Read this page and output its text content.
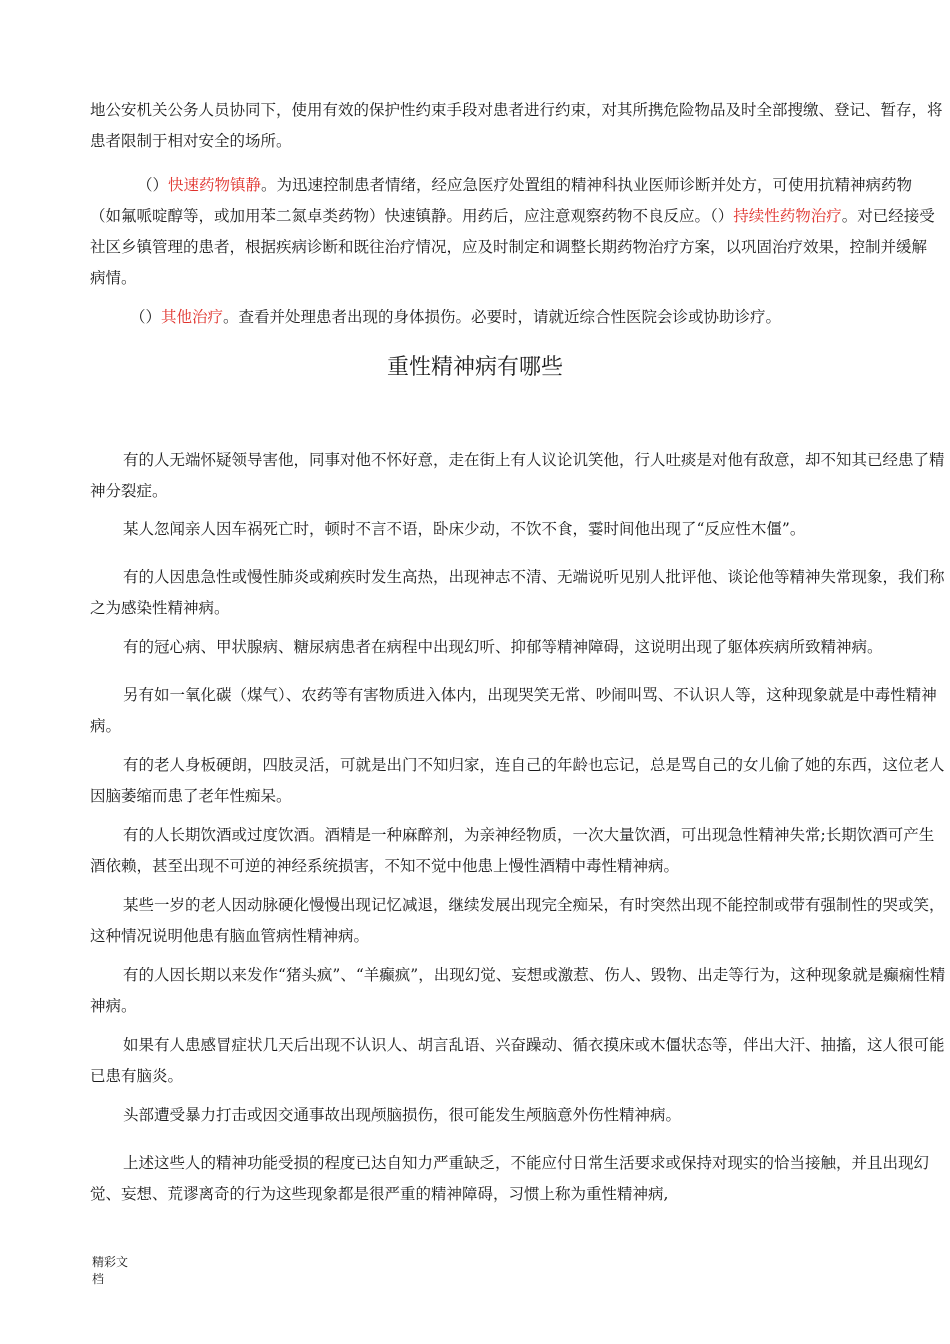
地公安机关公务人员协同下，使用有效的保护性约束手段对患者进行约束，对其所携危险物品及时全部搜缴、登记、暂存，将患者限制于相对安全的场所。

（）快速药物镇静。为迅速控制患者情绪，经应急医疗处置组的精神科执业医师诊断并处方，可使用抗精神病药物（如氟哌啶醇等，或加用苯二氮卓类药物）快速镇静。用药后，应注意观察药物不良反应。（）持续性药物治疗。对已经接受社区乡镇管理的患者，根据疾病诊断和既往治疗情况，应及时制定和调整长期药物治疗方案，以巩固治疗效果，控制并缓解病情。

（）其他治疗。查看并处理患者出现的身体损伤。必要时，请就近综合性医院会诊或协助诊疗。

重性精神病有哪些

有的人无端怀疑领导害他，同事对他不怀好意，走在街上有人议论讥笑他，行人吐痰是对他有敌意，却不知其已经患了精神分裂症。

某人忽闻亲人因车祸死亡时，顿时不言不语，卧床少动，不饮不食，霎时间他出现了“反应性木僵”。

有的人因患急性或慢性肺炎或痢疾时发生高热，出现神志不清、无端说听见别人批评他、谈论他等精神失常现象，我们称之为感染性精神病。

有的冠心病、甲状腺病、糖尿病患者在病程中出现幻听、抑郁等精神障碍，这说明出现了躯体疾病所致精神病。

另有如一氧化碳（煤气）、农药等有害物质进入体内，出现哭笑无常、吵闹叫骂、不认识人等，这种现象就是中毒性精神病。

有的老人身板硬朗，四肢灵活，可就是出门不知归家，连自己的年龄也忘记，总是骂自己的女儿偷了她的东西，这位老人因脑萎缩而患了老年性痴呆。

有的人长期饮酒或过度饮酒。酒精是一种麻醉剂，为亲神经物质，一次大量饮酒，可出现急性精神失常;长期饮酒可产生酒依赖，甚至出现不可逆的神经系统损害，不知不觉中他患上慢性酒精中毒性精神病。

某些一岁的老人因动脉硬化慢慢出现记忆减退，继续发展出现完全痴呆，有时突然出现不能控制或带有强制性的哭或笑，这种情况说明他患有脑血管病性精神病。

有的人因长期以来发作“猪头疯”、“羊癫疯”，出现幻觉、妄想或激惹、伤人、毁物、出走等行为，这种现象就是癫痫性精神病。

如果有人患感冒症状几天后出现不认识人、胡言乱语、兴奋躁动、循衣摸床或木僵状态等，伴出大汗、抽搐，这人很可能已患有脑炎。

头部遭受暴力打击或因交通事故出现颅脑损伤，很可能发生颅脑意外伤性精神病。

上述这些人的精神功能受损的程度已达自知力严重缺乏，不能应付日常生活要求或保持对现实的恰当接触，并且出现幻觉、妄想、荒谬离奇的行为这些现象都是很严重的精神障碍，习惯上称为重性精神病,

精彩文
档
